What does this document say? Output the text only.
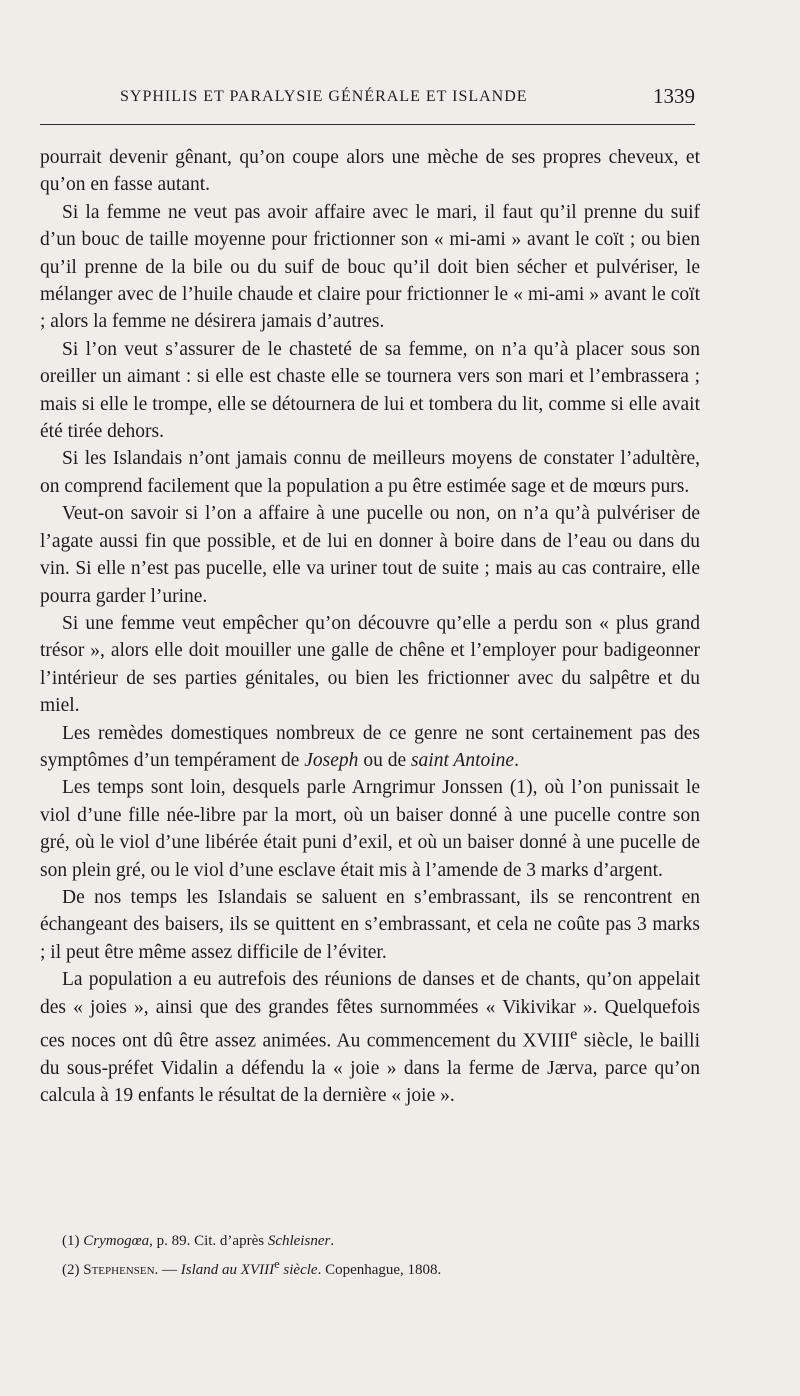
SYPHILIS ET PARALYSIE GÉNÉRALE ET ISLANDE	1339

pourrait devenir gênant, qu’on coupe alors une mèche de ses propres cheveux, et qu’on en fasse autant.

Si la femme ne veut pas avoir affaire avec le mari, il faut qu’il prenne du suif d’un bouc de taille moyenne pour frictionner son « mi-ami » avant le coït ; ou bien qu’il prenne de la bile ou du suif de bouc qu’il doit bien sécher et pulvériser, le mélanger avec de l’huile chaude et claire pour frictionner le « mi-ami » avant le coït ; alors la femme ne désirera jamais d’autres.

Si l’on veut s’assurer de le chasteté de sa femme, on n’a qu’à placer sous son oreiller un aimant : si elle est chaste elle se tournera vers son mari et l’embrassera ; mais si elle le trompe, elle se détournera de lui et tombera du lit, comme si elle avait été tirée dehors.

Si les Islandais n’ont jamais connu de meilleurs moyens de constater l’adultère, on comprend facilement que la population a pu être estimée sage et de mœurs purs.

Veut-on savoir si l’on a affaire à une pucelle ou non, on n’a qu’à pulvériser de l’agate aussi fin que possible, et de lui en donner à boire dans de l’eau ou dans du vin. Si elle n’est pas pucelle, elle va uriner tout de suite ; mais au cas contraire, elle pourra garder l’urine.

Si une femme veut empêcher qu’on découvre qu’elle a perdu son « plus grand trésor », alors elle doit mouiller une galle de chêne et l’employer pour badigeonner l’intérieur de ses parties génitales, ou bien les frictionner avec du salpêtre et du miel.

Les remèdes domestiques nombreux de ce genre ne sont certainement pas des symptômes d’un tempérament de Joseph ou de saint Antoine.

Les temps sont loin, desquels parle Arngrimur Jonssen (1), où l’on punissait le viol d’une fille née-libre par la mort, où un baiser donné à une pucelle contre son gré, où le viol d’une libérée était puni d’exil, et où un baiser donné à une pucelle de son plein gré, ou le viol d’une esclave était mis à l’amende de 3 marks d’argent.

De nos temps les Islandais se saluent en s’embrassant, ils se rencontrent en échangeant des baisers, ils se quittent en s’embrassant, et cela ne coûte pas 3 marks ; il peut être même assez difficile de l’éviter.

La population a eu autrefois des réunions de danses et de chants, qu’on appelait des « joies », ainsi que des grandes fêtes surnommées « Vikivikar ». Quelquefois ces noces ont dû être assez animées. Au commencement du XVIIIe siècle, le bailli du sous-préfet Vidalin a défendu la « joie » dans la ferme de Jærva, parce qu’on calcula à 19 enfants le résultat de la dernière « joie ».

(1) Crymogœa, p. 89. Cit. d’après Schleisner.
(2) Stephensen. — Island au XVIIIe siècle. Copenhague, 1808.
